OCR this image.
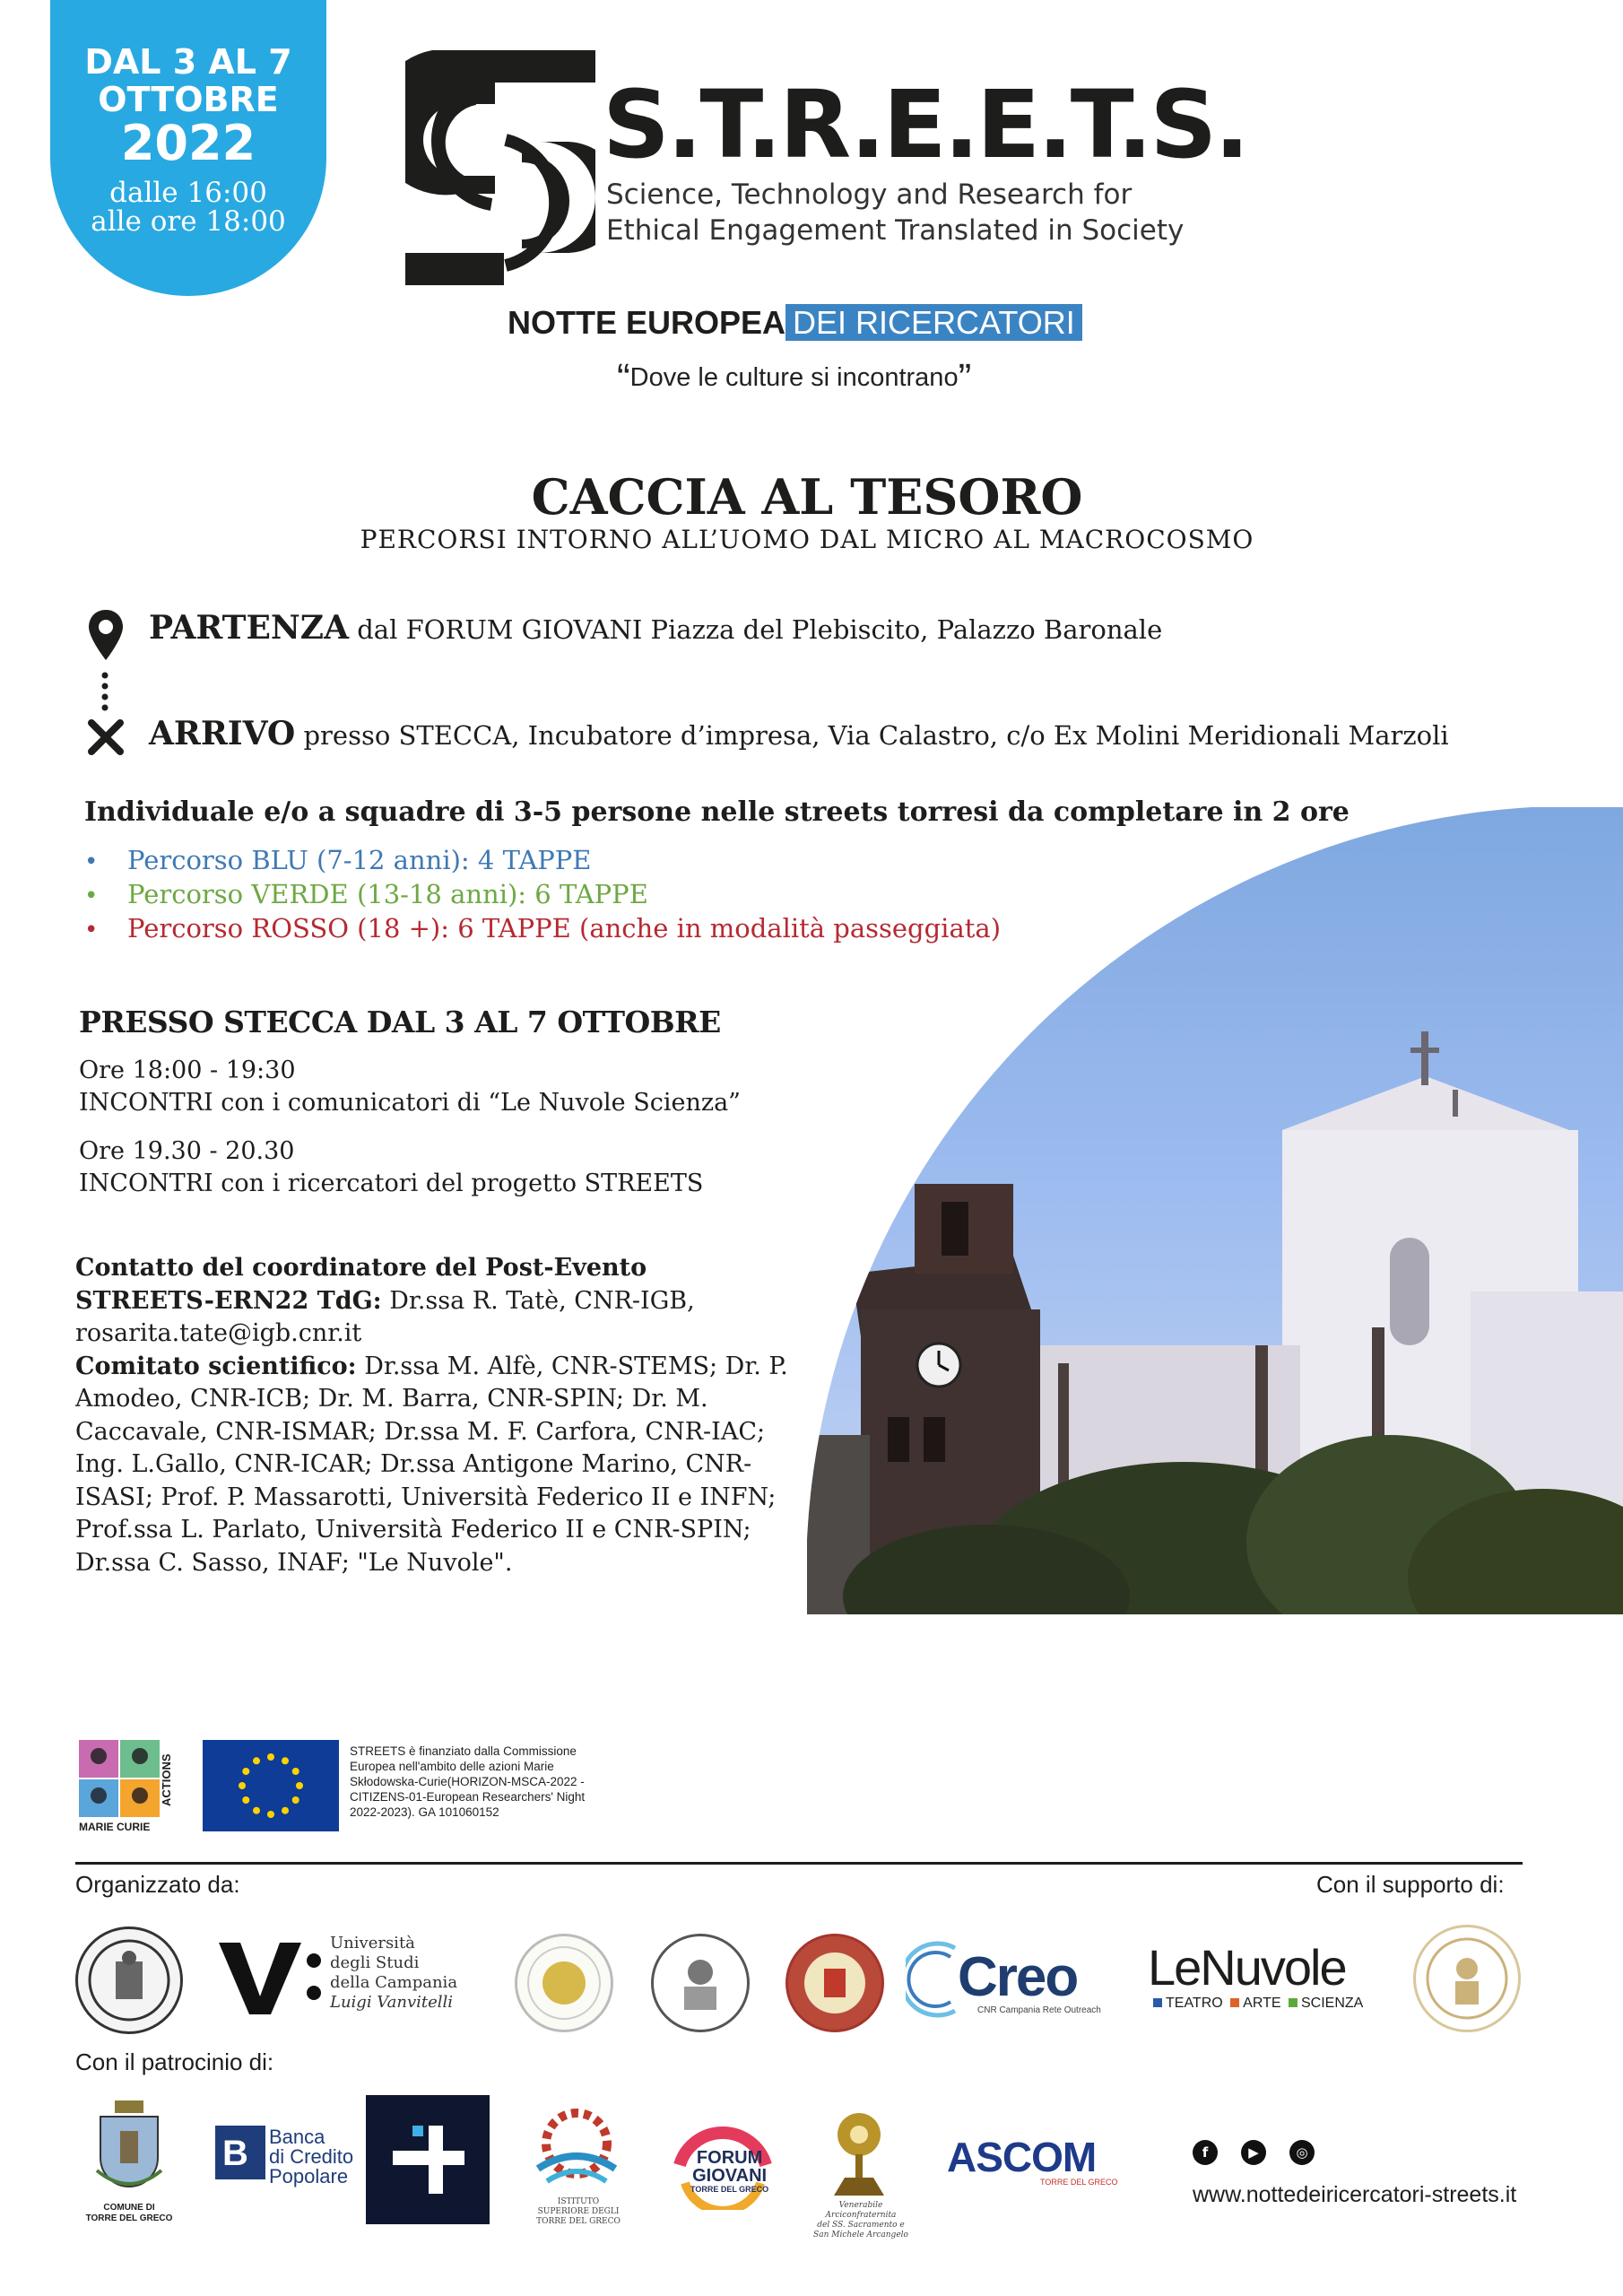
DAL 3 AL 7
OTTOBRE
2022
dalle 16:00
alle ore 18:00
S.T.R.E.E.T.S.
Science, Technology and Research for
Ethical Engagement Translated in Society
NOTTE EUROPEA DEI RICERCATORI
“Dove le culture si incontrano”
CACCIA AL TESORO
PERCORSI INTORNO ALL’UOMO DAL MICRO AL MACROCOSMO
PARTENZA dal FORUM GIOVANI Piazza del Plebiscito, Palazzo Baronale
ARRIVO presso STECCA, Incubatore d’impresa, Via Calastro, c/o Ex Molini Meridionali Marzoli
Individuale e/o a squadre di 3-5 persone nelle streets torresi da completare in 2 ore
• Percorso BLU (7-12 anni): 4 TAPPE
• Percorso VERDE (13-18 anni): 6 TAPPE
• Percorso ROSSO (18 +): 6 TAPPE (anche in modalità passeggiata)
PRESSO STECCA DAL 3 AL 7 OTTOBRE
Ore 18:00 - 19:30
INCONTRI con i comunicatori di “Le Nuvole Scienza”
Ore 19.30 - 20.30
INCONTRI con i ricercatori del progetto STREETS
Contatto del coordinatore del Post-Evento
STREETS-ERN22 TdG: Dr.ssa R. Tatè, CNR-IGB,
rosarita.tate@igb.cnr.it
Comitato scientifico: Dr.ssa M. Alfè, CNR-STEMS; Dr. P. Amodeo, CNR-ICB; Dr. M. Barra, CNR-SPIN; Dr. M. Caccavale, CNR-ISMAR; Dr.ssa M. F. Carfora, CNR-IAC; Ing. L.Gallo, CNR-ICAR; Dr.ssa Antigone Marino, CNR-ISASI; Prof. P. Massarotti, Università Federico II e INFN; Prof.ssa L. Parlato, Università Federico II e CNR-SPIN; Dr.ssa C. Sasso, INAF; "Le Nuvole".
ACTIONS
MARIE CURIE
STREETS è finanziato dalla Commissione Europea nell'ambito delle azioni Marie Skłodowska-Curie(HORIZON-MSCA-2022 -CITIZENS-01-European Researchers' Night 2022-2023). GA 101060152
Organizzato da:	Con il supporto di:
Università
degli Studi
della Campania
Luigi Vanvitelli	Creo
CNR Campania Rete Outreach
LeNuvole
TEATRO ARTE SCIENZA
Con il patrocinio di:
COMUNE DI
TORRE DEL GRECO
B Banca
di Credito
Popolare
ISTITUTO
SUPERIORE DEGLI
TORRE DEL GRECO
FORUM
GIOVANI
TORRE DEL GRECO
Venerabile Arciconfraternita
del SS. Sacramento e
San Michele Arcangelo
ASCOM
TORRE DEL GRECO
f	▶	◎
www.nottedeiricercatori-streets.it
